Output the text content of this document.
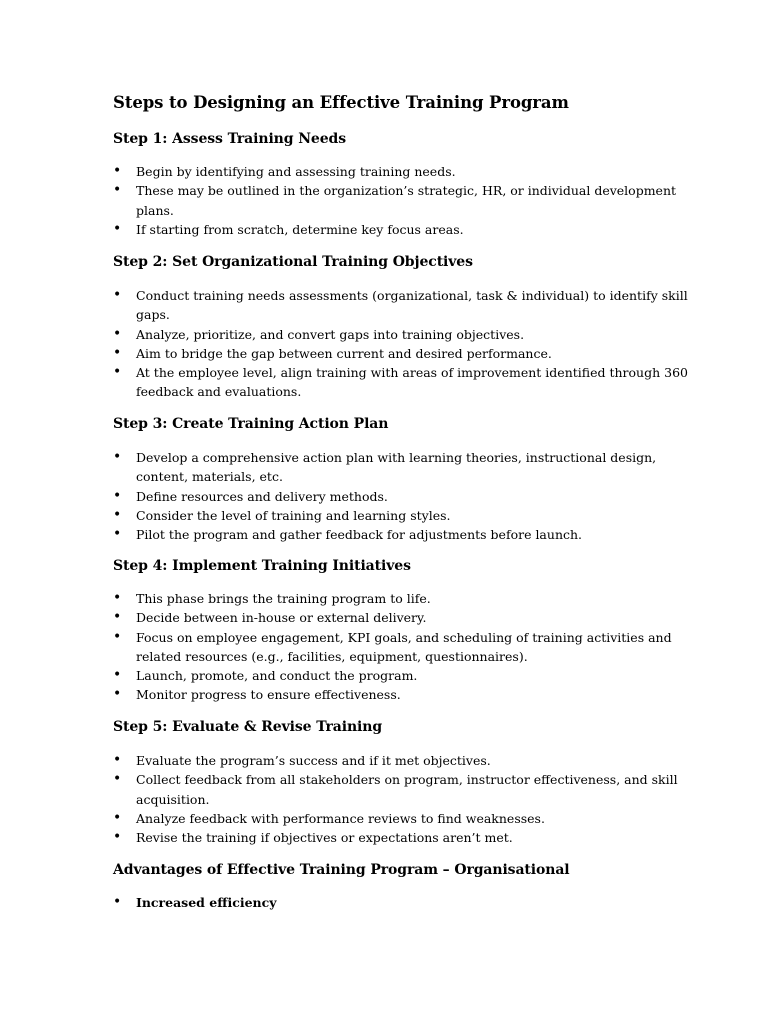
Steps to Designing an Effective Training Program
Step 1: Assess Training Needs
• Begin by identifying and assessing training needs.
• These may be outlined in the organization’s strategic, HR, or individual development
plans.
• If starting from scratch, determine key focus areas.
Step 2: Set Organizational Training Objectives
• Conduct training needs assessments (organizational, task & individual) to identify skill
gaps.
• Analyze, prioritize, and convert gaps into training objectives.
• Aim to bridge the gap between current and desired performance.
• At the employee level, align training with areas of improvement identified through 360
feedback and evaluations.
Step 3: Create Training Action Plan
• Develop a comprehensive action plan with learning theories, instructional design,
content, materials, etc.
• Define resources and delivery methods.
• Consider the level of training and learning styles.
• Pilot the program and gather feedback for adjustments before launch.
Step 4: Implement Training Initiatives
• This phase brings the training program to life.
• Decide between in-house or external delivery.
• Focus on employee engagement, KPI goals, and scheduling of training activities and
related resources (e.g., facilities, equipment, questionnaires).
• Launch, promote, and conduct the program.
• Monitor progress to ensure effectiveness.
Step 5: Evaluate & Revise Training
• Evaluate the program’s success and if it met objectives.
• Collect feedback from all stakeholders on program, instructor effectiveness, and skill
acquisition.
• Analyze feedback with performance reviews to find weaknesses.
• Revise the training if objectives or expectations aren’t met.
Advantages of Effective Training Program – Organisational
• Increased efficiency
